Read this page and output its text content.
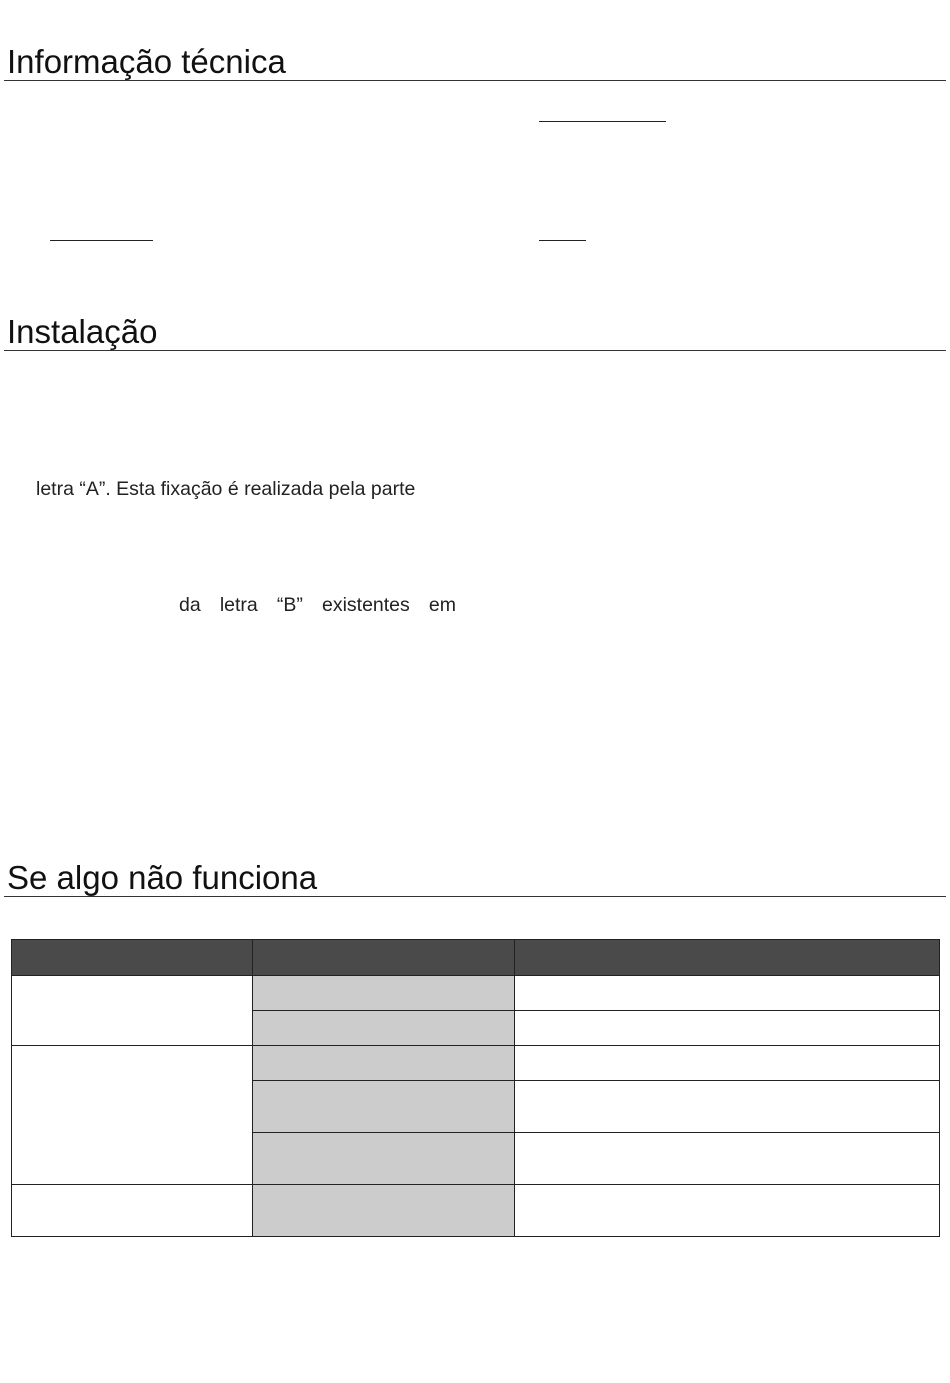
Informação técnica
Instalação
letra “A”. Esta fixação é realizada pela parte
da letra “B” existentes em
Se algo não funciona
